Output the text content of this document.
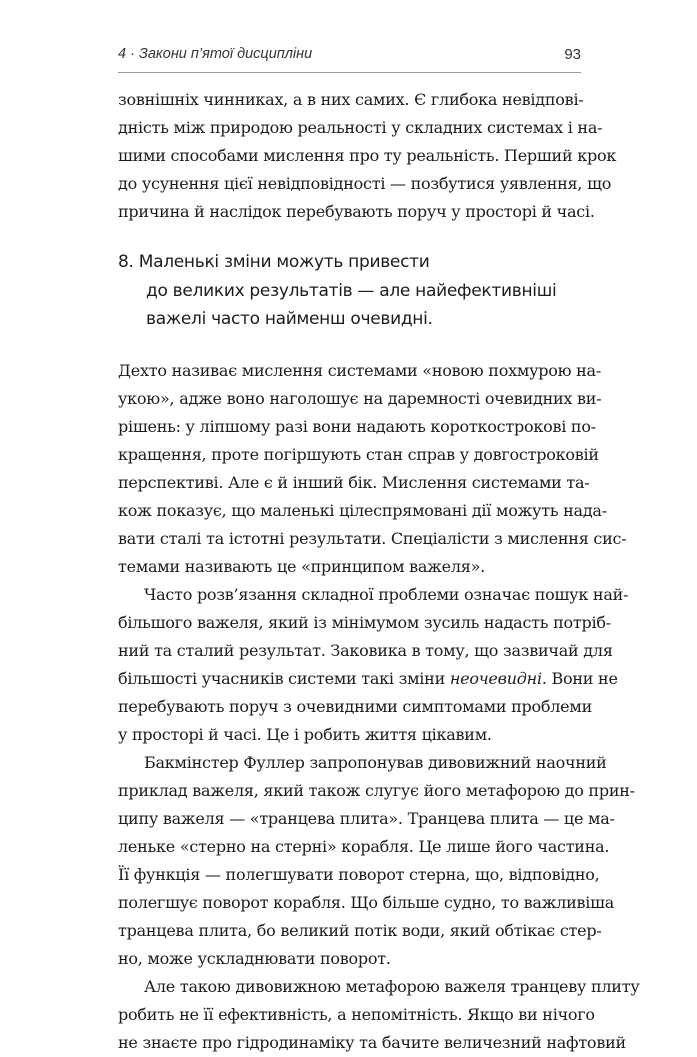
4 · Закони п’ятої дисципліни	93
зовнішніх чинниках, а в них самих. Є глибока невідпові-
дність між природою реальності у складних системах і на-
шими способами мислення про ту реальність. Перший крок
до усунення цієї невідповідності — позбутися уявлення, що
причина й наслідок перебувають поруч у просторі й часі.
8. Маленькі зміни можуть привести
до великих результатів — але найефективніші
важелі часто найменш очевидні.
Дехто називає мислення системами «новою похмурою на-
укою», адже воно наголошує на даремності очевидних ви-
рішень: у ліпшому разі вони надають короткострокові по-
кращення, проте погіршують стан справ у довгостроковій
перспективі. Але є й інший бік. Мислення системами та-
кож показує, що маленькі цілеспрямовані дії можуть нада-
вати сталі та істотні результати. Спеціалісти з мислення сис-
темами називають це «принципом важеля».
Часто розв’язання складної проблеми означає пошук най-
більшого важеля, який із мінімумом зусиль надасть потріб-
ний та сталий результат. Заковика в тому, що зазвичай для
більшості учасників системи такі зміни неочевидні. Вони не
перебувають поруч з очевидними симптомами проблеми
у просторі й часі. Це і робить життя цікавим.
Бакмінстер Фуллер запропонував дивовижний наочний
приклад важеля, який також слугує його метафорою до прин-
ципу важеля — «транцева плита». Транцева плита — це ма-
ленькe «стерно на стерні» корабля. Це лише його частина.
Її функція — полегшувати поворот стерна, що, відповідно,
полегшує поворот корабля. Що більше судно, то важливіша
транцева плита, бо великий потік води, який обтікає стер-
но, може ускладнювати поворот.
Але такою дивовижною метафорою важеля транцеву плиту
робить не її ефективність, а непомітність. Якщо ви нічого
не знаєте про гідродинаміку та бачите величезний нафтовий
